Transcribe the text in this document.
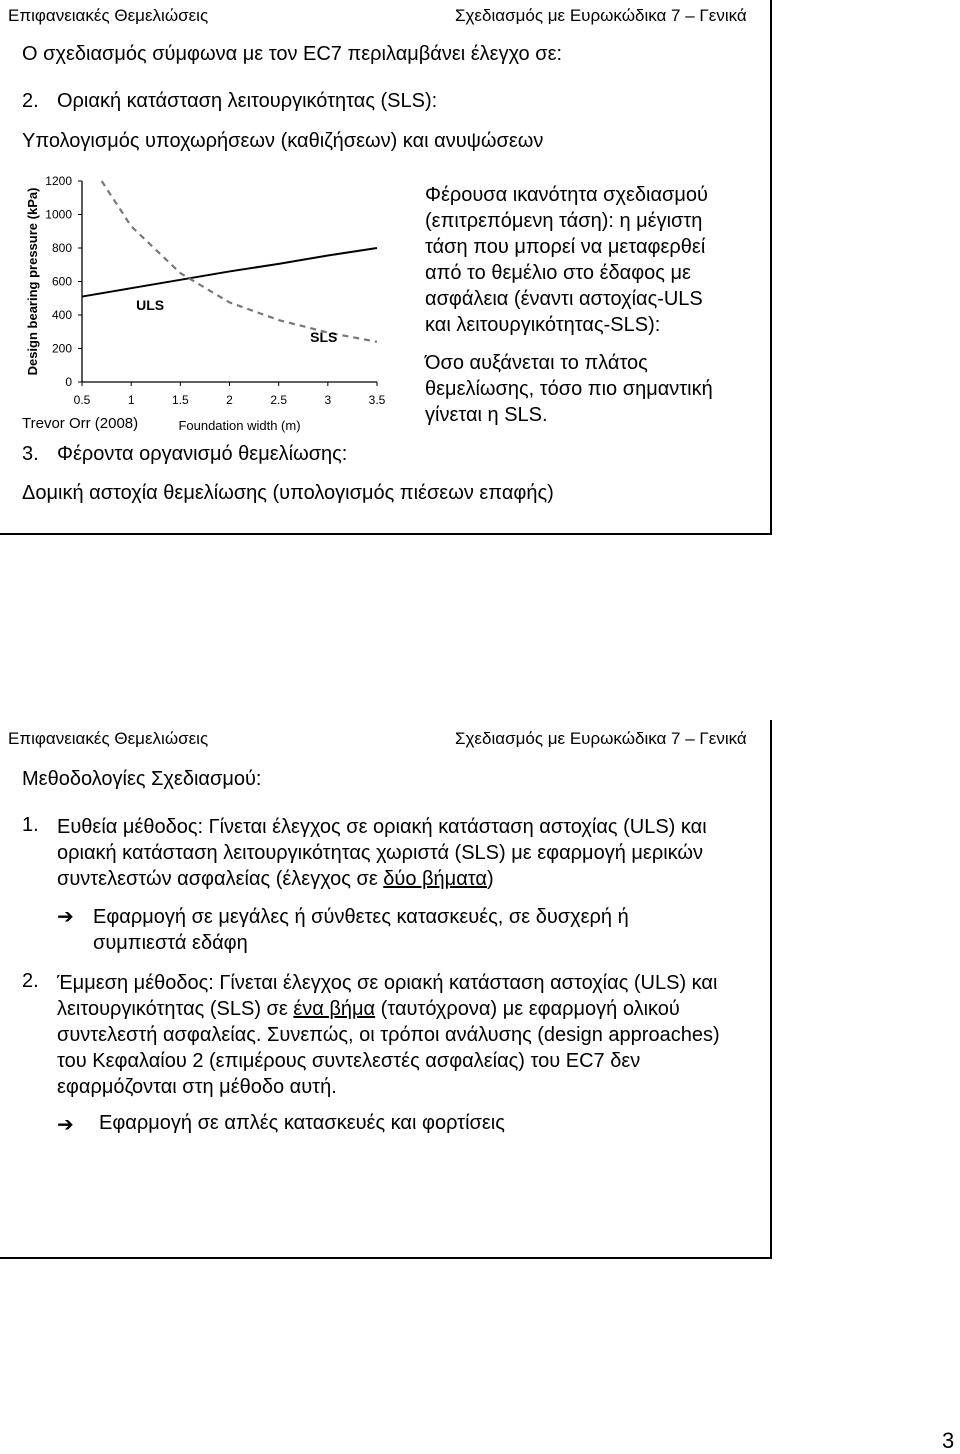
Επιφανειακές Θεμελιώσεις	Σχεδιασμός με Ευρωκώδικα 7 – Γενικά
Ο σχεδιασμός σύμφωνα με τον EC7 περιλαμβάνει έλεγχο σε:
2. Οριακή κατάσταση λειτουργικότητας (SLS):
Υπολογισμός υποχωρήσεων (καθιζήσεων) και ανυψώσεων
0
200
400
600
800
1000
1200
0.5	1	1.5	2	2.5	3	3.5
Foundation width (m)
Design bearing pressure (kPa)	ULS
SLS
Trevor Orr (2008)
Φέρουσα ικανότητα σχεδιασμού
(επιτρεπόμενη τάση): η μέγιστη
τάση που μπορεί να μεταφερθεί
από το θεμέλιο στο έδαφος με
ασφάλεια (έναντι αστοχίας-ULS
και λειτουργικότητας-SLS):
Όσο αυξάνεται το πλάτος
θεμελίωσης, τόσο πιο σημαντική
γίνεται η SLS.
3. Φέροντα οργανισμό θεμελίωσης:
Δομική αστοχία θεμελίωσης (υπολογισμός πιέσεων επαφής)
Επιφανειακές Θεμελιώσεις	Σχεδιασμός με Ευρωκώδικα 7 – Γενικά
Μεθοδολογίες Σχεδιασμού:
1. Ευθεία μέθοδος: Γίνεται έλεγχος σε οριακή κατάσταση αστοχίας (ULS) και οριακή κατάσταση λειτουργικότητας χωριστά (SLS) με εφαρμογή μερικών συντελεστών ασφαλείας (έλεγχος σε δύο βήματα)
➔ Εφαρμογή σε μεγάλες ή σύνθετες κατασκευές, σε δυσχερή ή συμπιεστά εδάφη
2. Έμμεση μέθοδος: Γίνεται έλεγχος σε οριακή κατάσταση αστοχίας (ULS) και λειτουργικότητας (SLS) σε ένα βήμα (ταυτόχρονα) με εφαρμογή ολικού συντελεστή ασφαλείας. Συνεπώς, οι τρόποι ανάλυσης (design approaches) του Κεφαλαίου 2 (επιμέρους συντελεστές ασφαλείας) του EC7 δεν εφαρμόζονται στη μέθοδο αυτή.
➔ Εφαρμογή σε απλές κατασκευές και φορτίσεις
3
